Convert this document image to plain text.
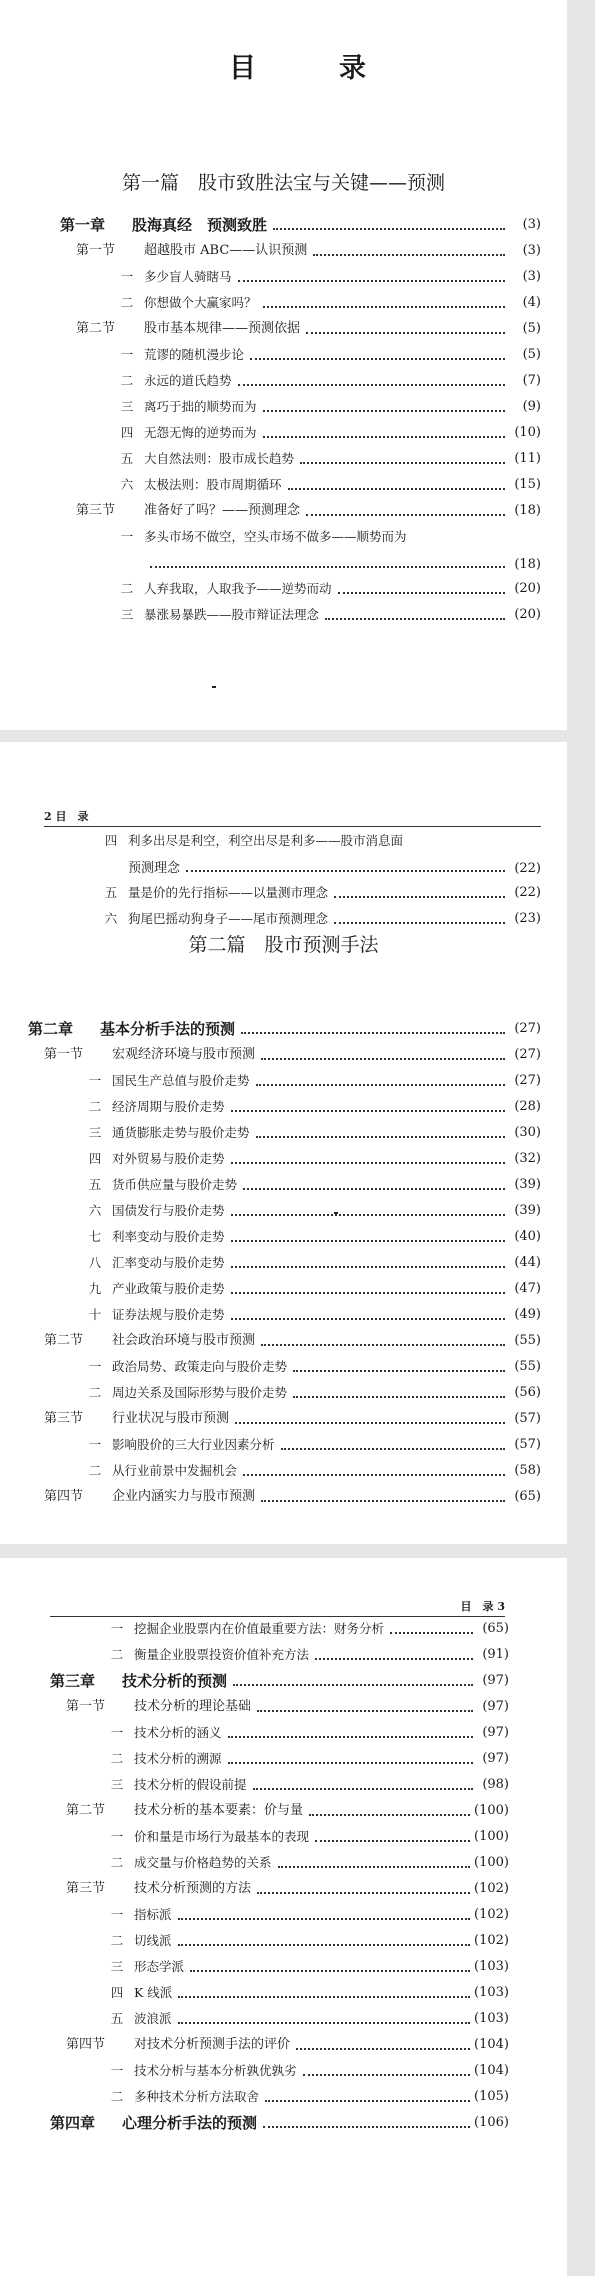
目　录
第一篇　股市致胜法宝与关键——预测
第一章	股海真经　预测致胜	(3)
第一节	超越股市 ABC——认识预测	(3)
一 多少盲人骑瞎马	(3)
二 你想做个大赢家吗？	(4)
第二节	股市基本规律——预测依据	(5)
一 荒谬的随机漫步论	(5)
二 永远的道氏趋势	(7)
三 离巧于拙的顺势而为	(9)
四 无怨无悔的逆势而为	(10)
五 大自然法则：股市成长趋势	(11)
六 太极法则：股市周期循环	(15)
第三节	准备好了吗？——预测理念	(18)
一 多头市场不做空，空头市场不做多——顺势而为
(18)
二 人弃我取，人取我予——逆势而动	(20)
三 暴涨易暴跌——股市辩证法理念	(20)
2 目　录
四 利多出尽是利空，利空出尽是利多——股市消息面
预测理念	(22)
五 量是价的先行指标——以量测市理念	(22)
六 狗尾巴摇动狗身子——尾市预测理念	(23)
第二篇　股市预测手法
第二章	基本分析手法的预测	(27)
第一节	宏观经济环境与股市预测	(27)
一 国民生产总值与股价走势	(27)
二 经济周期与股价走势	(28)
三 通货膨胀走势与股价走势	(30)
四 对外贸易与股价走势	(32)
五 货币供应量与股价走势	(39)
六 国债发行与股价走势	(39)
七 利率变动与股价走势	(40)
八 汇率变动与股价走势	(44)
九 产业政策与股价走势	(47)
十 证券法规与股价走势	(49)
第二节	社会政治环境与股市预测	(55)
一 政治局势、政策走向与股价走势	(55)
二 周边关系及国际形势与股价走势	(56)
第三节	行业状况与股市预测	(57)
一 影响股价的三大行业因素分析	(57)
二 从行业前景中发掘机会	(58)
第四节	企业内涵实力与股市预测	(65)
目　录 3
一 挖掘企业股票内在价值最重要方法：财务分析	(65)
二 衡量企业股票投资价值补充方法	(91)
第三章	技术分析的预测	(97)
第一节	技术分析的理论基础	(97)
一 技术分析的涵义	(97)
二 技术分析的溯源	(97)
三 技术分析的假设前提	(98)
第二节	技术分析的基本要素：价与量	(100)
一 价和量是市场行为最基本的表现	(100)
二 成交量与价格趋势的关系	(100)
第三节	技术分析预测的方法	(102)
一 指标派	(102)
二 切线派	(102)
三 形态学派	(103)
四 K 线派	(103)
五 波浪派	(103)
第四节	对技术分析预测手法的评价	(104)
一 技术分析与基本分析孰优孰劣	(104)
二 多种技术分析方法取舍	(105)
第四章	心理分析手法的预测	(106)
